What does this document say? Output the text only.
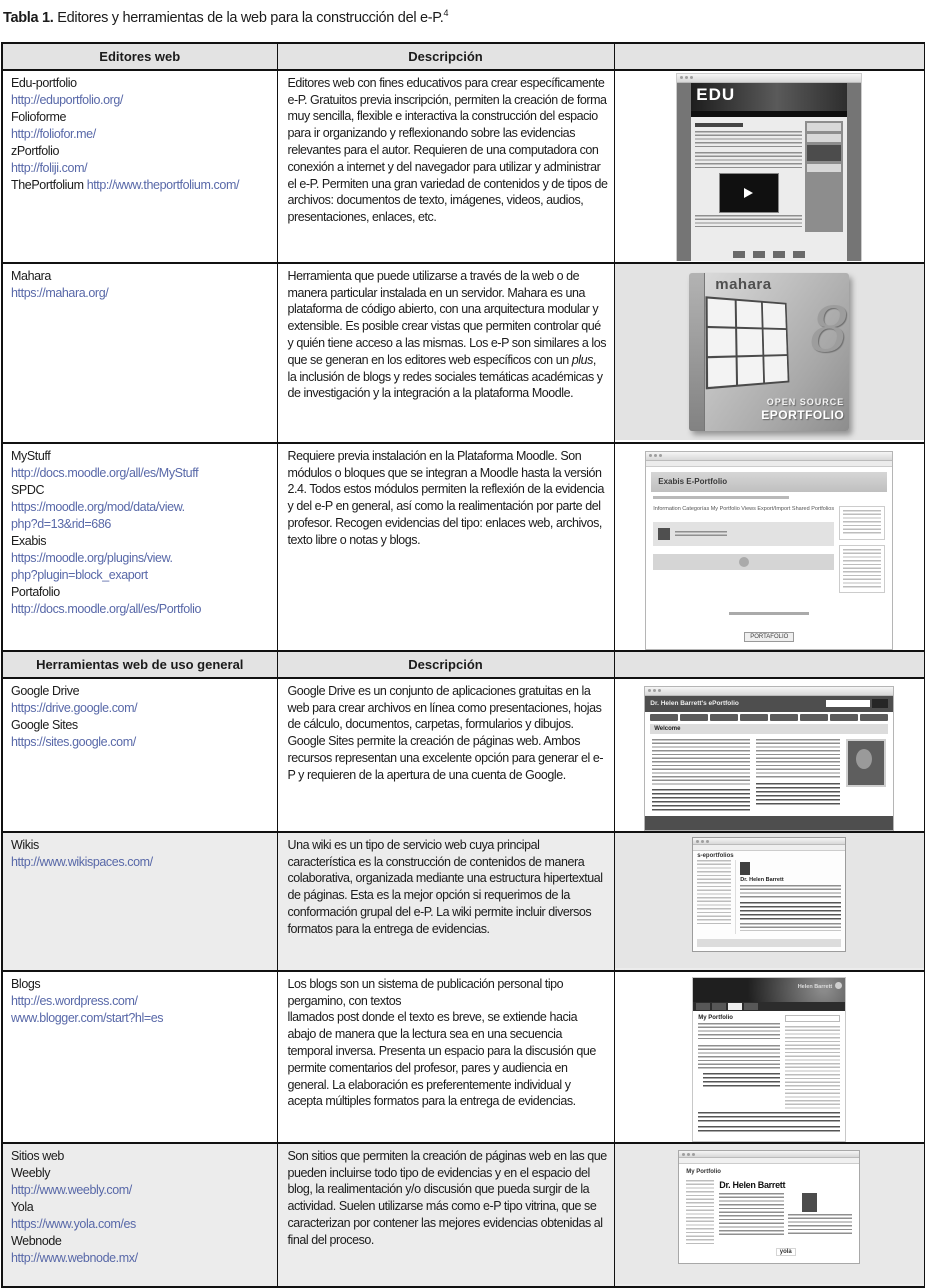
Tabla 1. Editores y herramientas de la web para la construcción del e-P.$^4$

Editores web	Descripción	

Edu-portfolio
http://eduportfolio.org/
Folioforme
http://foliofor.me/
zPortfolio
http://foliji.com/
ThePortfolium http://www.theportfolium.com/
	Editores web con fines educativos para crear específicamente e-P. Gratuitos previa inscripción, permiten la creación de forma muy sencilla, flexible e interactiva la construcción del espacio para ir organizando y reflexionando sobre las evidencias relevantes para el autor. Requieren de una computadora con conexión a internet y del navegador para utilizar y administrar el e-P. Permiten una gran variedad de contenidos y de tipos de archivos: documentos de texto, imágenes, videos, audios, presentaciones, enlaces, etc.	
EDU

Mahara
https://mahara.org/
	Herramienta que puede utilizarse a través de la web o de manera particular instalada en un servidor. Mahara es una plataforma de código abierto, con una arquitectura modular y extensible. Es posible crear vistas que permiten controlar qué y quién tiene acceso a las mismas. Los e-P son similares a los que se generan en los editores web específicos con un plus, la inclusión de blogs y redes sociales temáticas académicas y de investigación y la integración a la plataforma Moodle.	
mahara
8
OPEN SOURCE
EPORTFOLIO

MyStuff
http://docs.moodle.org/all/es/MyStuff
SPDC
https://moodle.org/mod/data/view.
php?d=13&rid=686
Exabis
https://moodle.org/plugins/view.
php?plugin=block_exaport
Portafolio
http://docs.moodle.org/all/es/Portfolio
	Requiere previa instalación en la Plataforma Moodle. Son módulos o bloques que se integran a Moodle hasta la versión 2.4. Todos estos módulos permiten la reflexión de la evidencia y del e-P en general, así como la realimentación por parte del profesor. Recogen evidencias del tipo: enlaces web, archivos, texto libre o notas y blogs.	
Exabis E-Portfolio
Information Categorías My Portfolio Views Export/Import Shared Portfolios
PORTAFOLIO

Herramientas web de uso general	Descripción	

Google Drive
https://drive.google.com/
Google Sites
https://sites.google.com/
	Google Drive es un conjunto de aplicaciones gratuitas en la web para crear archivos en línea como presentaciones, hojas de cálculo, documentos, carpetas, formularios y dibujos. Google Sites permite la creación de páginas web. Ambos recursos representan una excelente opción para generar el e-P y requieren de la apertura de una cuenta de Google.	
Dr. Helen Barrett's ePortfolio
Welcome

Wikis
http://www.wikispaces.com/
	Una wiki es un tipo de servicio web cuya principal característica es la construcción de contenidos de manera colaborativa, organizada mediante una estructura hipertextual de páginas. Esta es la mejor opción si requerimos de la conformación grupal del e-P. La wiki permite incluir diversos formatos para la entrega de evidencias.	
s-eportfolios
Dr. Helen Barrett

Blogs
http://es.wordpress.com/
www.blogger.com/start?hl=es
	Los blogs son un sistema de publicación personal tipo pergamino, con textos
llamados post donde el texto es breve, se extiende hacia abajo de manera que la lectura sea en una secuencia temporal inversa. Presenta un espacio para la discusión que permite comentarios del profesor, pares y audiencia en general. La elaboración es preferentemente individual y acepta múltiples formatos para la entrega de evidencias.	
Helen Barrett
My Portfolio

Sitios web
Weebly
http://www.weebly.com/
Yola
https://www.yola.com/es
Webnode
http://www.webnode.mx/
	Son sitios que permiten la creación de páginas web en las que pueden incluirse todo tipo de evidencias y en el espacio del blog, la realimentación y/o discusión que pueda surgir de la actividad. Suelen utilizarse más como e-P tipo vitrina, que se caracterizan por contener las mejores evidencias obtenidas al final del proceso.	
My Portfolio
Dr. Helen Barrett
yola
